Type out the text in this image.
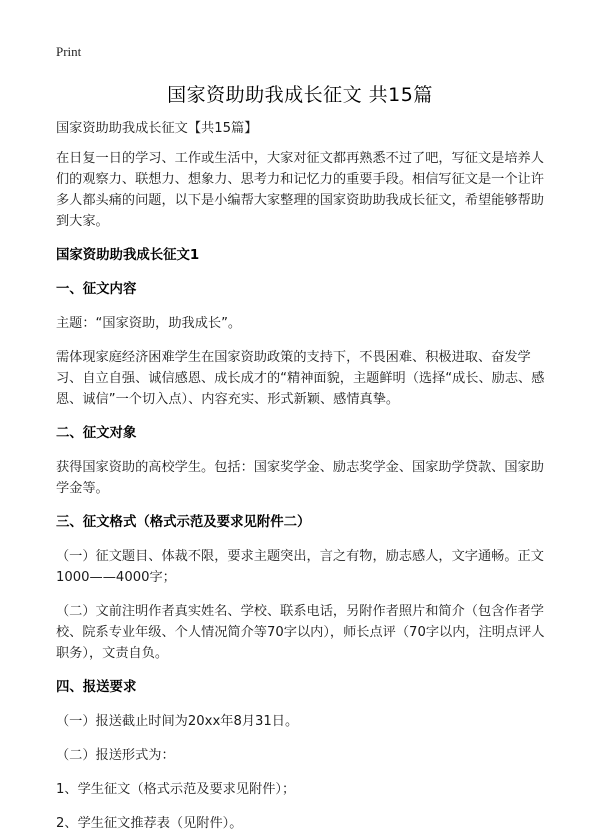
Print
国家资助助我成长征文 共15篇

国家资助助我成长征文【共15篇】

在日复一日的学习、工作或生活中，大家对征文都再熟悉不过了吧，写征文是培养人们的观察力、联想力、想象力、思考力和记忆力的重要手段。相信写征文是一个让许多人都头痛的问题，以下是小编帮大家整理的国家资助助我成长征文，希望能够帮助到大家。

国家资助助我成长征文1

一、征文内容

主题：“国家资助，助我成长”。

需体现家庭经济困难学生在国家资助政策的支持下，不畏困难、积极进取、奋发学习、自立自强、诚信感恩、成长成才的“精神面貌，主题鲜明（选择“成长、励志、感恩、诚信”一个切入点）、内容充实、形式新颖、感情真挚。

二、征文对象

获得国家资助的高校学生。包括：国家奖学金、励志奖学金、国家助学贷款、国家助学金等。

三、征文格式（格式示范及要求见附件二）

（一）征文题目、体裁不限，要求主题突出，言之有物，励志感人，文字通畅。正文1000——4000字；

（二）文前注明作者真实姓名、学校、联系电话，另附作者照片和简介（包含作者学校、院系专业年级、个人情况简介等70字以内），师长点评（70字以内，注明点评人职务），文责自负。

四、报送要求

（一）报送截止时间为20xx年8月31日。

（二）报送形式为：

1、学生征文（格式示范及要求见附件）；

2、学生征文推荐表（见附件）。
